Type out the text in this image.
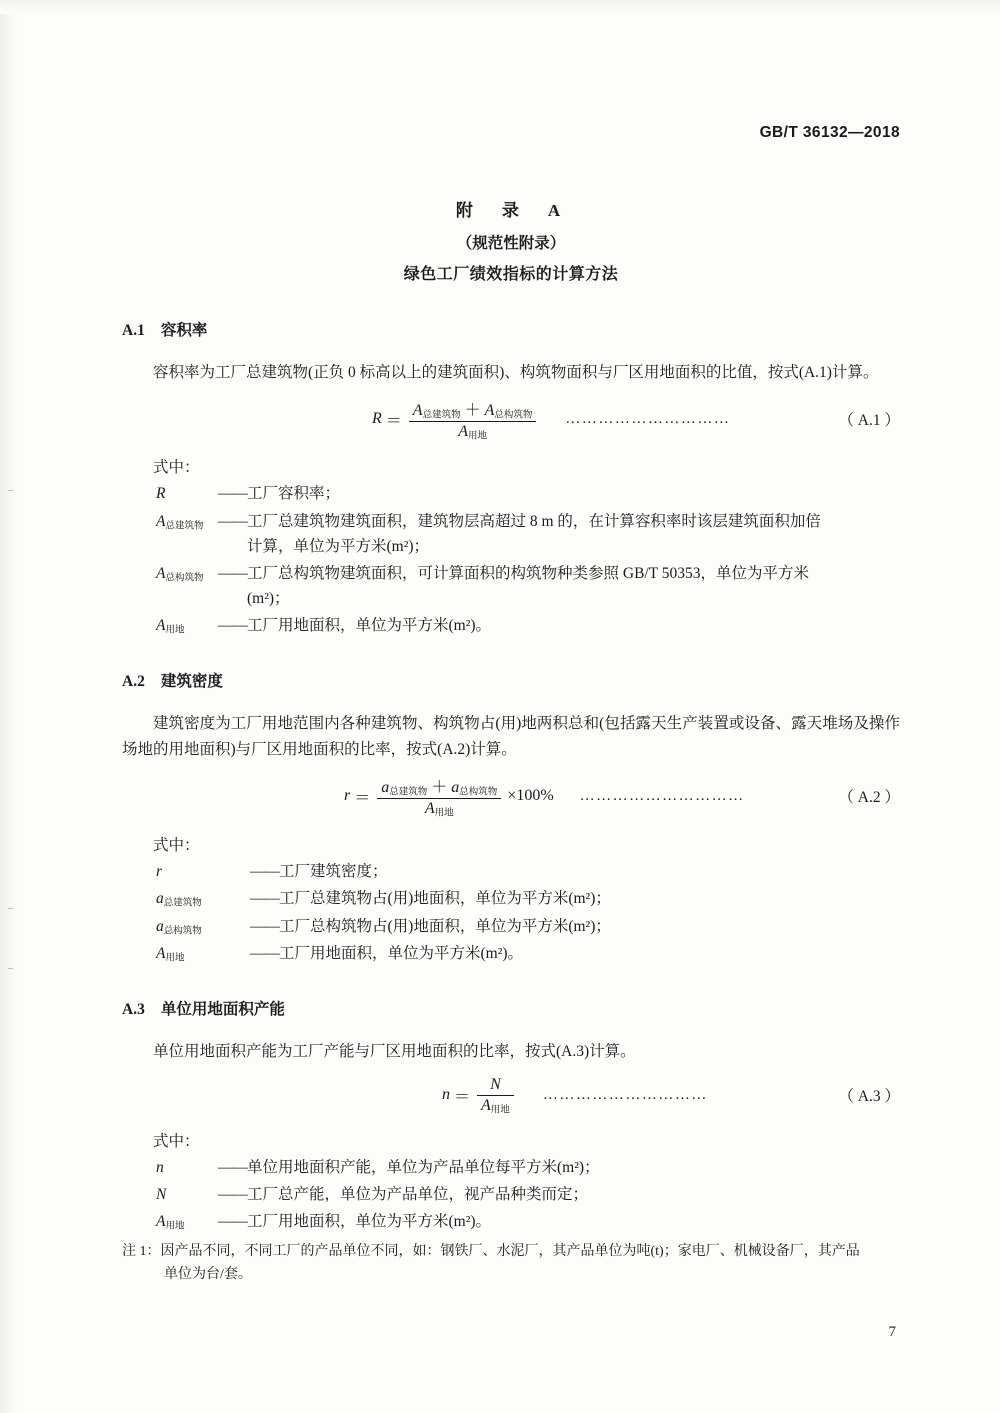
GB/T 36132—2018
附　录　A
（规范性附录）
绿色工厂绩效指标的计算方法
A.1 容积率

容积率为工厂总建筑物(正负 0 标高以上的建筑面积)、构筑物面积与厂区用地面积的比值，按式(A.1)计算。

$R = \frac{A_{总建筑物} + A_{总构筑物}}{A_{用地}}$ …………………………	（ A.1 ）
式中：
R	—— 工厂容积率；
$A_{总建筑物}$ —— 工厂总建筑物建筑面积，建筑物层高超过 8 m 的，在计算容积率时该层建筑面积加倍
计算，单位为平方米(m²)；
$A_{总构筑物}$ —— 工厂总构筑物建筑面积，可计算面积的构筑物种类参照 GB/T 50353，单位为平方米
(m²)；
$A_{用地}$	—— 工厂用地面积，单位为平方米(m²)。
A.2 建筑密度

建筑密度为工厂用地范围内各种建筑物、构筑物占(用)地两积总和(包括露天生产装置或设备、露天堆场及操作场地的用地面积)与厂区用地面积的比率，按式(A.2)计算。

$r = \frac{a_{总建筑物} + a_{总构筑物}}{A_{用地}} \times 100\%$ …………………………	（ A.2 ）
式中：
r	—— 工厂建筑密度；
$a_{总建筑物}$	—— 工厂总建筑物占(用)地面积，单位为平方米(m²)；
$a_{总构筑物}$	—— 工厂总构筑物占(用)地面积，单位为平方米(m²)；
$A_{用地}$	—— 工厂用地面积，单位为平方米(m²)。
A.3 单位用地面积产能

单位用地面积产能为工厂产能与厂区用地面积的比率，按式(A.3)计算。

$n = \frac{N}{A_{用地}}$ …………………………	（ A.3 ）
式中：
n	—— 单位用地面积产能，单位为产品单位每平方米(m²)；
N	—— 工厂总产能，单位为产品单位，视产品种类而定；
$A_{用地}$	—— 工厂用地面积，单位为平方米(m²)。
注 1：因产品不同，不同工厂的产品单位不同，如：钢铁厂、水泥厂，其产品单位为吨(t)；家电厂、机械设备厂，其产品
单位为台/套。
7
